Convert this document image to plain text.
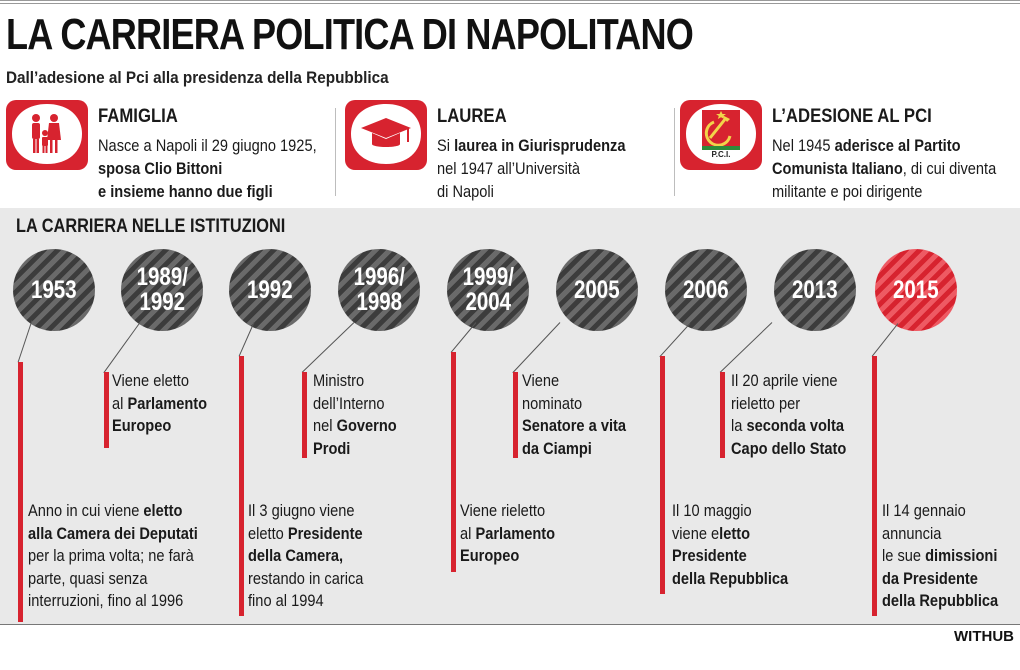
LA CARRIERA POLITICA DI NAPOLITANO
Dall’adesione al Pci alla presidenza della Repubblica
FAMIGLIA
Nasce a Napoli il 29 giugno 1925,
sposa Clio Bittoni
e insieme hanno due figli
LAUREA
Si laurea in Giurisprudenza
nel 1947 all’Università
di Napoli
P.C.I.
L’ADESIONE AL PCI
Nel 1945 aderisce al Partito
Comunista Italiano, di cui diventa
militante e poi dirigente
LA CARRIERA NELLE ISTITUZIONI
1953 1989/
1992 1992 1996/
1998
1999/
2004	2005	2006	2013 2015
Anno in cui viene eletto
alla Camera dei Deputati
per la prima volta; ne farà
parte, quasi senza
interruzioni, fino al 1996
Viene eletto
al Parlamento
Europeo
Il 3 giugno viene
eletto Presidente
della Camera,
restando in carica
fino al 1994
Ministro
dell’Interno
nel Governo
Prodi
Viene rieletto
al Parlamento
Europeo
Viene
nominato
Senatore a vita
da Ciampi
Il 10 maggio
viene eletto
Presidente
della Repubblica
Il 20 aprile viene
rieletto per
la seconda volta
Capo dello Stato
Il 14 gennaio
annuncia
le sue dimissioni
da Presidente
della Repubblica
WITHUB
